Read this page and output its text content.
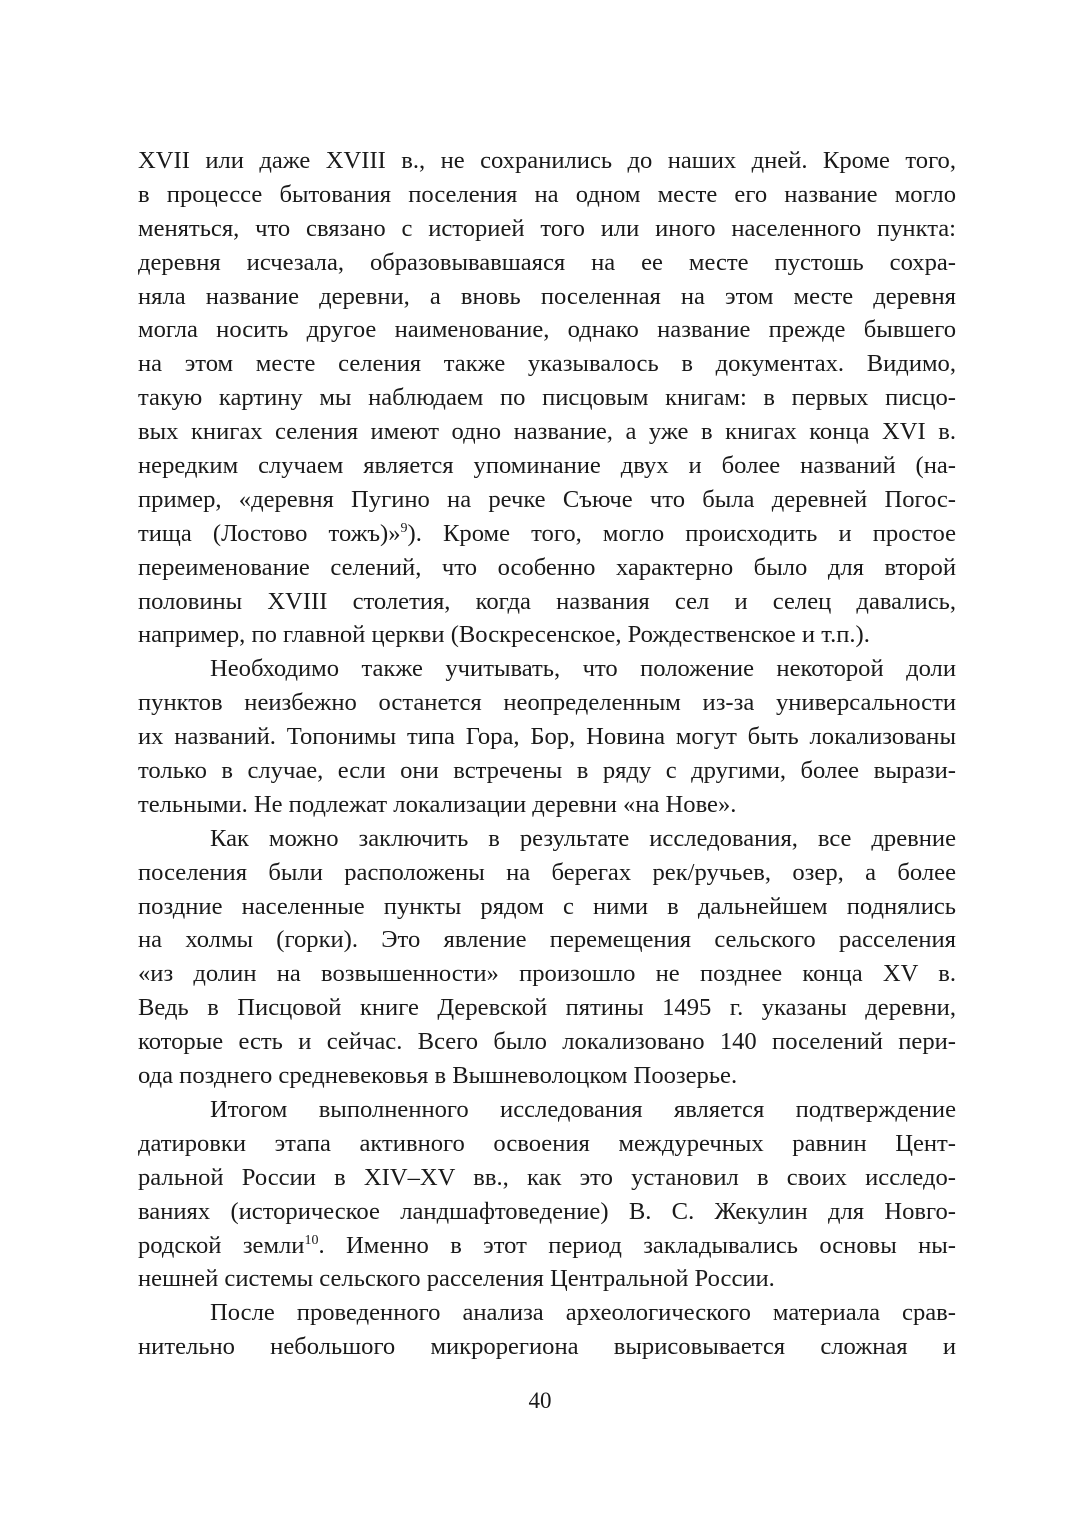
XVII или даже XVIII в., не сохранились до наших дней. Кроме того,
в процессе бытования поселения на одном месте его название могло
меняться, что связано с историей того или иного населенного пункта:
деревня исчезала, образовывавшаяся на ее месте пустошь сохра-
няла название деревни, а вновь поселенная на этом месте деревня
могла носить другое наименование, однако название прежде бывшего
на этом месте селения также указывалось в документах. Видимо,
такую картину мы наблюдаем по писцовым книгам: в первых писцо-
вых книгах селения имеют одно название, а уже в книгах конца XVI в.
нередким случаем является упоминание двух и более названий (на-
пример, «деревня Пугино на речке Съюче что была деревней Погос-
тища (Лостово тожъ)»$^9$). Кроме того, могло происходить и простое
переименование селений, что особенно характерно было для второй
половины XVIII столетия, когда названия сел и селец давались,
например, по главной церкви (Воскресенское, Рождественское и т.п.).
Необходимо также учитывать, что положение некоторой доли
пунктов неизбежно останется неопределенным из-за универсальности
их названий. Топонимы типа Гора, Бор, Новина могут быть локализованы
только в случае, если они встречены в ряду с другими, более вырази-
тельными. Не подлежат локализации деревни «на Нове».
Как можно заключить в результате исследования, все древние
поселения были расположены на берегах рек/ручьев, озер, а более
поздние населенные пункты рядом с ними в дальнейшем поднялись
на холмы (горки). Это явление перемещения сельского расселения
«из долин на возвышенности» произошло не позднее конца XV в.
Ведь в Писцовой книге Деревской пятины 1495 г. указаны деревни,
которые есть и сейчас. Всего было локализовано 140 поселений пери-
ода позднего средневековья в Вышневолоцком Поозерье.
Итогом выполненного исследования является подтверждение
датировки этапа активного освоения междуречных равнин Цент-
ральной России в XIV–XV вв., как это установил в своих исследо-
ваниях (историческое ландшафтоведение) В. С. Жекулин для Новго-
родской земли$^{10}$. Именно в этот период закладывались основы ны-
нешней системы сельского расселения Центральной России.
После проведенного анализа археологического материала срав-
нительно небольшого микрорегиона вырисовывается сложная и
40
